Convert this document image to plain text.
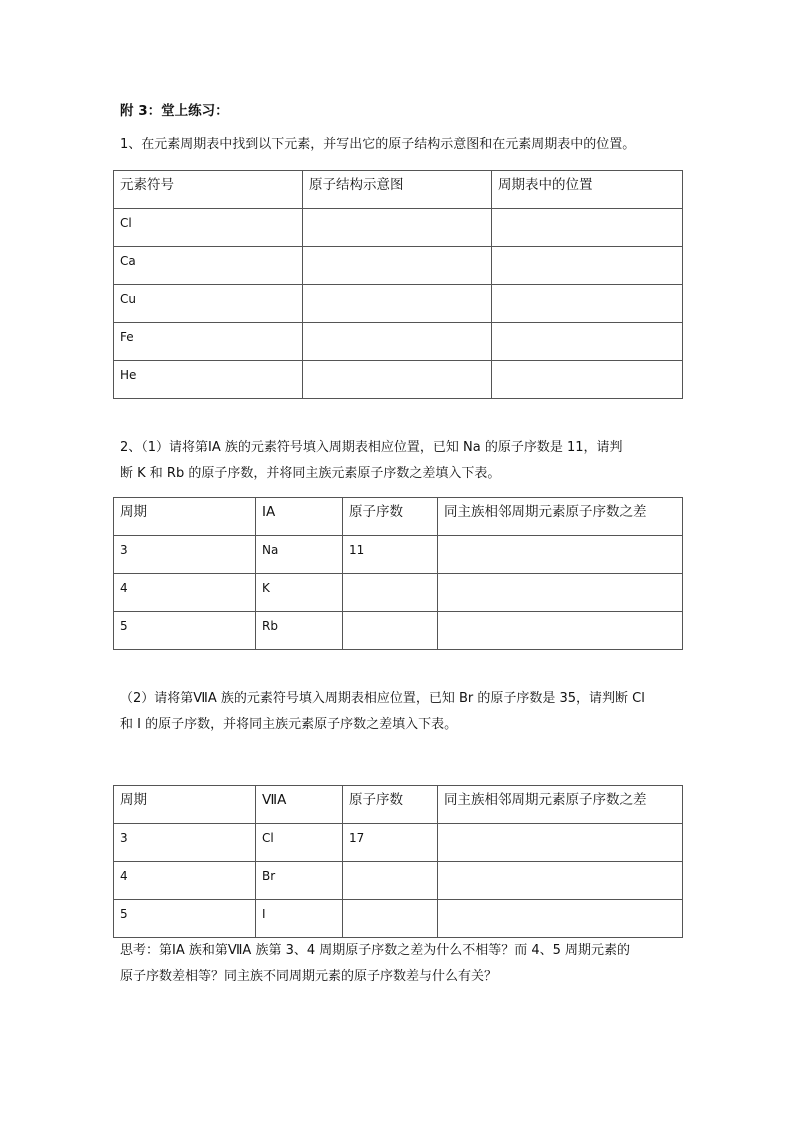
附 3：堂上练习：
1、在元素周期表中找到以下元素，并写出它的原子结构示意图和在元素周期表中的位置。
元素符号	原子结构示意图	周期表中的位置
Cl		
Ca		
Cu		
Fe		
He		
2、（1）请将第ⅠA 族的元素符号填入周期表相应位置，已知 Na 的原子序数是 11，请判
断 K 和 Rb 的原子序数，并将同主族元素原子序数之差填入下表。
周期	ⅠA	原子序数	同主族相邻周期元素原子序数之差
3	Na	11	
4	K		
5	Rb		
（2）请将第ⅦA 族的元素符号填入周期表相应位置，已知 Br 的原子序数是 35，请判断 Cl
和 I 的原子序数，并将同主族元素原子序数之差填入下表。
周期	ⅦA	原子序数	同主族相邻周期元素原子序数之差
3	Cl	17	
4	Br		
5	I		
思考：第ⅠA 族和第ⅦA 族第 3、4 周期原子序数之差为什么不相等？而 4、5 周期元素的
原子序数差相等？同主族不同周期元素的原子序数差与什么有关？
